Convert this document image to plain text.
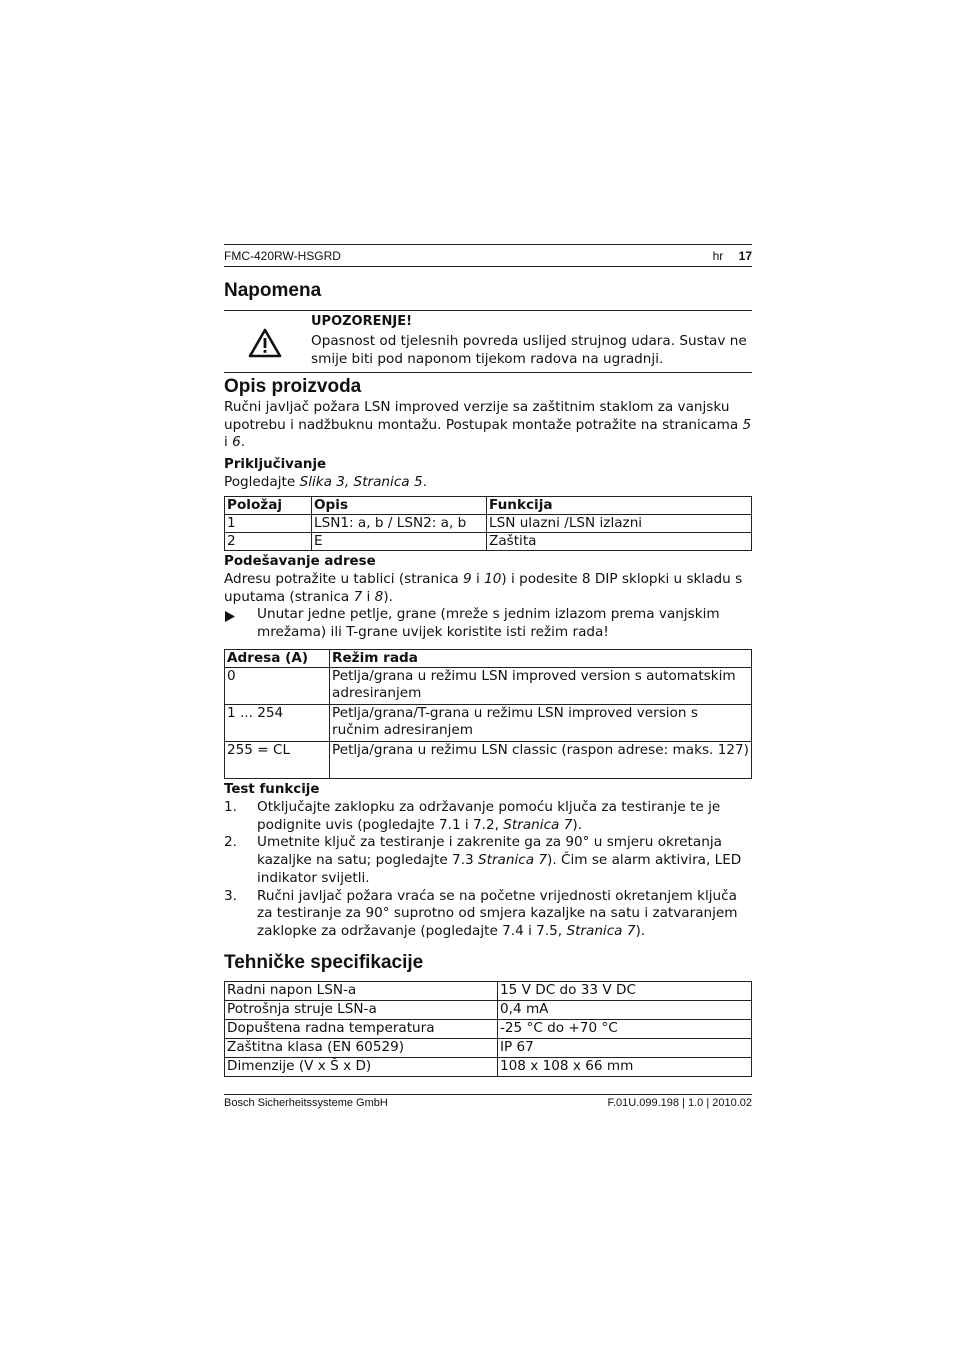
FMC-420RW-HSGRD	hr 17
Napomena

UPOZORENJE!

Opasnost od tjelesnih povreda uslijed strujnog udara. Sustav ne smije biti pod naponom tijekom radova na ugradnji.

Opis proizvoda

Ručni javljač požara LSN improved verzije sa zaštitnim staklom za vanjsku upotrebu i nadžbuknu montažu. Postupak montaže potražite na stranicama 5 i 6.

Priključivanje

Pogledajte Slika 3, Stranica 5.

Položaj	Opis	Funkcija
1	LSN1: a, b / LSN2: a, b	LSN ulazni /LSN izlazni
2	E	Zaštita

Podešavanje adrese

Adresu potražite u tablici (stranica 9 i 10) i podesite 8 DIP sklopki u skladu s uputama (stranica 7 i 8).

Unutar jedne petlje, grane (mreže s jednim izlazom prema vanjskim mrežama) ili T-grane uvijek koristite isti režim rada!
Adresa (A)	Režim rada
0	Petlja/grana u režimu LSN improved version s automatskim adresiranjem
1 ... 254	Petlja/grana/T-grana u režimu LSN improved version s ručnim adresiranjem
255 = CL	Petlja/grana u režimu LSN classic (raspon adrese: maks. 127)

Test funkcije

1.	Otključajte zaklopku za održavanje pomoću ključa za testiranje te je podignite uvis (pogledajte 7.1 i 7.2, Stranica 7).
2.	Umetnite ključ za testiranje i zakrenite ga za 90° u smjeru okretanja kazaljke na satu; pogledajte 7.3 Stranica 7). Čim se alarm aktivira, LED indikator svijetli.
3.	Ručni javljač požara vraća se na početne vrijednosti okretanjem ključa za testiranje za 90° suprotno od smjera kazaljke na satu i zatvaranjem zaklopke za održavanje (pogledajte 7.4 i 7.5, Stranica 7).
Tehničke specifikacije
Radni napon LSN-a	15 V DC do 33 V DC
Potrošnja struje LSN-a	0,4 mA
Dopuštena radna temperatura	-25 °C do +70 °C
Zaštitna klasa (EN 60529)	IP 67
Dimenzije (V x Š x D)	108 x 108 x 66 mm
Bosch Sicherheitssysteme GmbH	F.01U.099.198 | 1.0 | 2010.02
